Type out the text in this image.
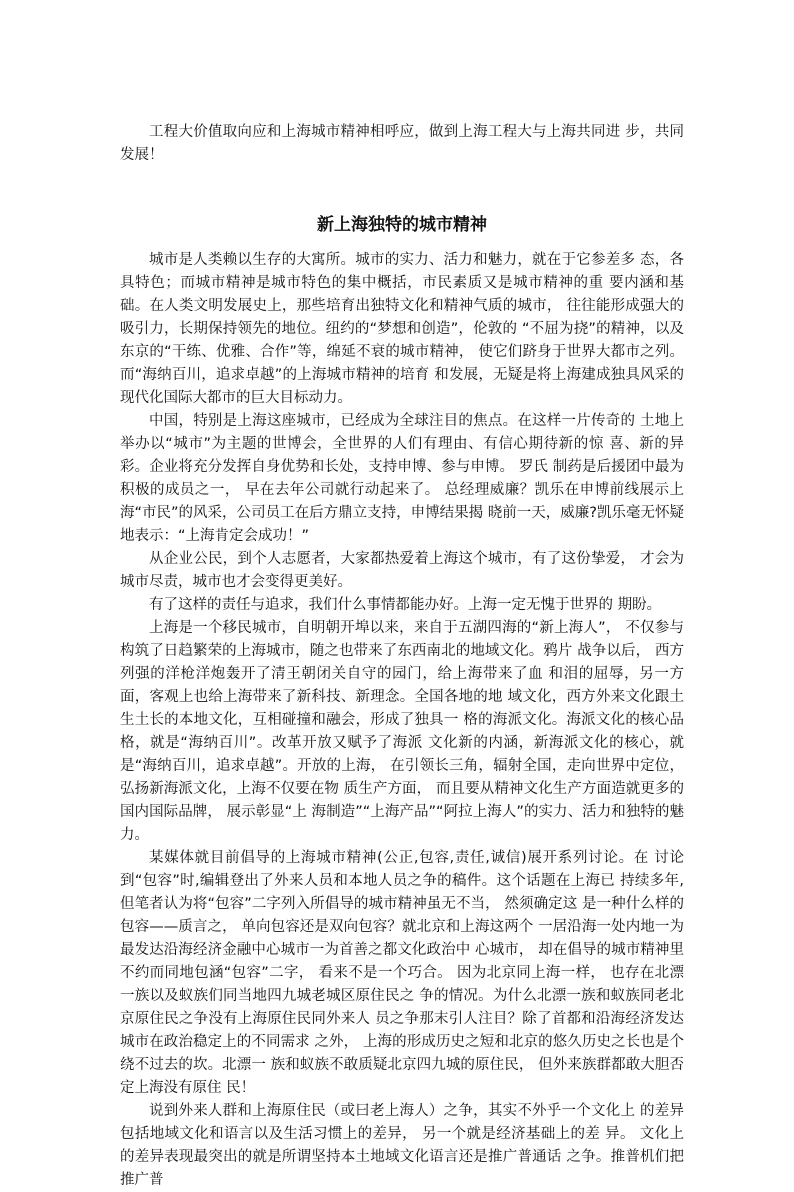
工程大价值取向应和上海城市精神相呼应，做到上海工程大与上海共同进 步，共同发展！

新上海独特的城市精神

城市是人类赖以生存的大寓所。城市的实力、活力和魅力，就在于它参差多 态，各具特色；而城市精神是城市特色的集中概括，市民素质又是城市精神的重 要内涵和基础。在人类文明发展史上，那些培育出独特文化和精神气质的城市， 往往能形成强大的吸引力，长期保持领先的地位。纽约的“梦想和创造”，伦敦的 “不屈为挠”的精神，以及东京的“干练、优雅、合作”等，绵延不衰的城市精神， 使它们跻身于世界大都市之列。而“海纳百川，追求卓越”的上海城市精神的培育 和发展，无疑是将上海建成独具风采的现代化国际大都市的巨大目标动力。

中国，特别是上海这座城市，已经成为全球注目的焦点。在这样一片传奇的 土地上举办以“城市”为主题的世博会，全世界的人们有理由、有信心期待新的惊 喜、新的异彩。企业将充分发挥自身优势和长处，支持申博、参与申博。 罗氏 制药是后援团中最为积极的成员之一， 早在去年公司就行动起来了。 总经理威廉？凯乐在申博前线展示上海“市民”的风采，公司员工在后方鼎立支持，申博结果揭 晓前一天，威廉?凯乐毫无怀疑地表示：“上海肯定会成功！”

从企业公民，到个人志愿者，大家都热爱着上海这个城市，有了这份挚爱， 才会为城市尽责，城市也才会变得更美好。

有了这样的责任与追求，我们什么事情都能办好。上海一定无愧于世界的 期盼。

上海是一个移民城市，自明朝开埠以来，来自于五湖四海的“新上海人”， 不仅参与构筑了日趋繁荣的上海城市，随之也带来了东西南北的地域文化。鸦片 战争以后， 西方列强的洋枪洋炮轰开了清王朝闭关自守的园门，给上海带来了血 和泪的屈辱，另一方面，客观上也给上海带来了新科技、新理念。全国各地的地 域文化，西方外来文化跟土生土长的本地文化，互相碰撞和融会，形成了独具一 格的海派文化。海派文化的核心品格，就是“海纳百川”。改革开放又赋予了海派 文化新的内涵，新海派文化的核心，就是“海纳百川，追求卓越”。开放的上海， 在引领长三角，辐射全国，走向世界中定位，弘扬新海派文化，上海不仅要在物 质生产方面， 而且要从精神文化生产方面造就更多的国内国际品牌， 展示彰显“上 海制造”“上海产品”“阿拉上海人”的实力、活力和独特的魅力。

某媒体就目前倡导的上海城市精神(公正,包容,责任,诚信)展开系列讨论。在 讨论到“包容”时,编辑登出了外来人员和本地人员之争的稿件。这个话题在上海已 持续多年,但笔者认为将“包容”二字列入所倡导的城市精神虽无不当， 然须确定这 是一种什么样的包容——质言之， 单向包容还是双向包容？就北京和上海这两个 一居沿海一处内地一为最发达沿海经济金融中心城市一为首善之都文化政治中 心城市， 却在倡导的城市精神里不约而同地包涵“包容”二字， 看来不是一个巧合。 因为北京同上海一样， 也存在北漂一族以及蚁族们同当地四九城老城区原住民之 争的情况。为什么北漂一族和蚁族同老北京原住民之争没有上海原住民同外来人 员之争那末引人注目？除了首都和沿海经济发达城市在政治稳定上的不同需求 之外， 上海的形成历史之短和北京的悠久历史之长也是个绕不过去的坎。北漂一 族和蚁族不敢质疑北京四九城的原住民， 但外来族群都敢大胆否定上海没有原住 民！

说到外来人群和上海原住民（或曰老上海人）之争，其实不外乎一个文化上 的差异包括地域文化和语言以及生活习惯上的差异， 另一个就是经济基础上的差 异。 文化上的差异表现最突出的就是所谓坚持本土地域文化语言还是推广普通话 之争。推普机们把推广普
